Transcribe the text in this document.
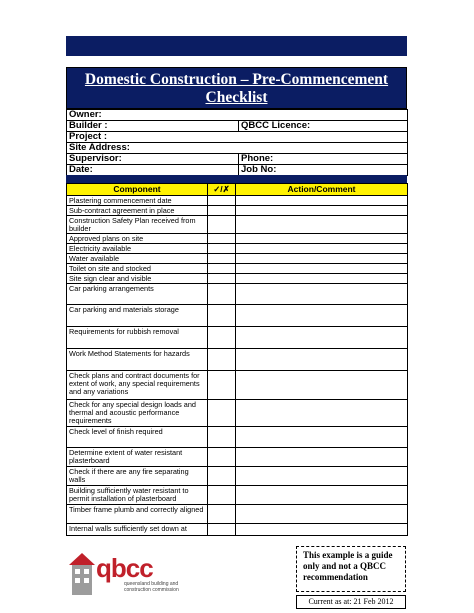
Domestic Construction – Pre-Commencement
Checklist
Owner:	
Builder :	QBCC Licence:
Project :	
Site Address:	
Supervisor:	Phone:
Date:	Job No:
Component	✓/✗	Action/Comment
Plastering commencement date		
Sub-contract agreement in place		
Construction Safety Plan received from builder		
Approved plans on site		
Electricity available		
Water available		
Toilet on site and stocked		
Site sign clear and visible		
Car parking arrangements		
Car parking and materials storage		
Requirements for rubbish removal		
Work Method Statements for hazards		
Check plans and contract documents for extent of work, any special requirements and any variations		
Check for any special design loads and thermal and acoustic performance requirements		
Check level of finish required		
Determine extent of water resistant plasterboard		
Check if there are any fire separating walls		
Building sufficiently water resistant to permit installation of plasterboard		
Timber frame plumb and correctly aligned		
Internal walls sufficiently set down at		
qbcc
queensland building and construction commission
This example is a guide only and not a QBCC recommendation
Current as at: 21 Feb 2012
